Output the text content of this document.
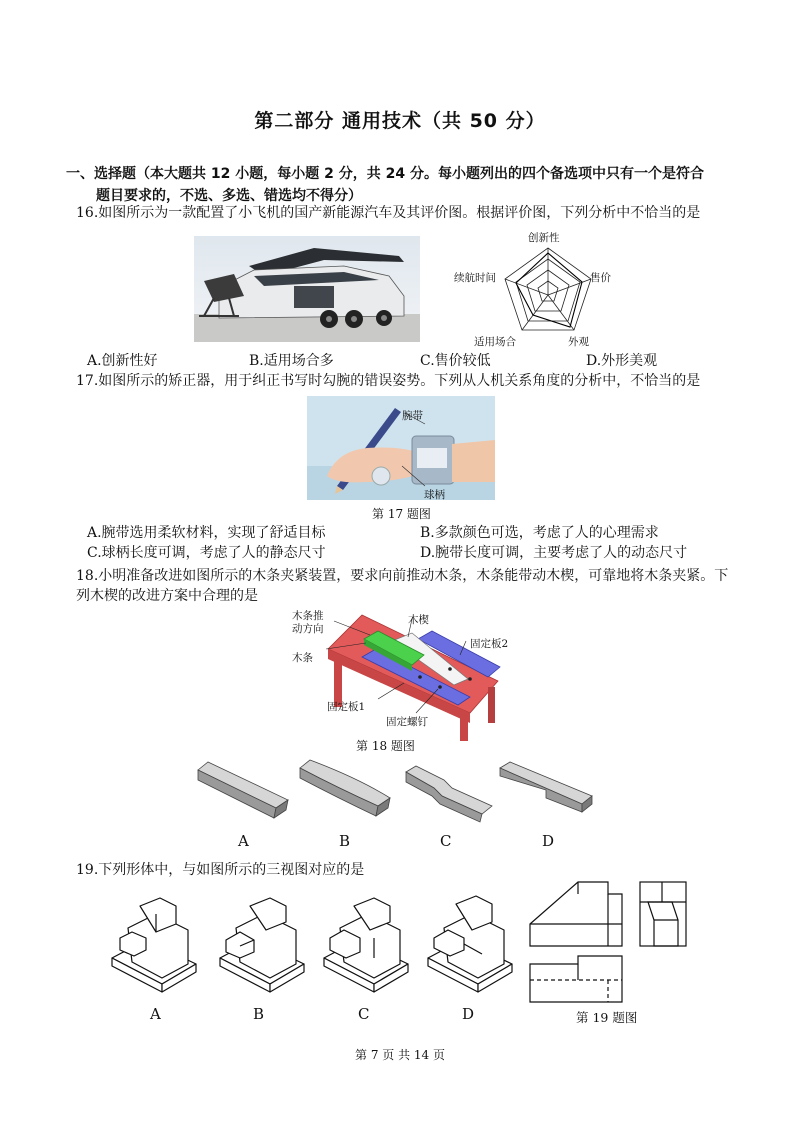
第二部分 通用技术（共 50 分）
一、选择题（本大题共 12 小题，每小题 2 分，共 24 分。每小题列出的四个备选项中只有一个是符合
题目要求的，不选、多选、错选均不得分）
16.如图所示为一款配置了小飞机的国产新能源汽车及其评价图。根据评价图，下列分析中不恰当的是
创新性
售价
外观
适用场合
续航时间
A.创新性好	B.适用场合多	C.售价较低	D.外形美观
17.如图所示的矫正器，用于纠正书写时勾腕的错误姿势。下列从人机关系角度的分析中，不恰当的是
腕带
球柄
第 17 题图
A.腕带选用柔软材料，实现了舒适目标	B.多款颜色可选，考虑了人的心理需求
C.球柄长度可调，考虑了人的静态尺寸	D.腕带长度可调，主要考虑了人的动态尺寸
18.小明准备改进如图所示的木条夹紧装置，要求向前推动木条，木条能带动木楔，可靠地将木条夹紧。下
列木楔的改进方案中合理的是
木条推
动方向
木条
木楔
固定板2
固定板1
固定螺钉
第 18 题图
A	B	C	D
19.下列形体中，与如图所示的三视图对应的是
A	B	C	D	第 19 题图
第 7 页 共 14 页
